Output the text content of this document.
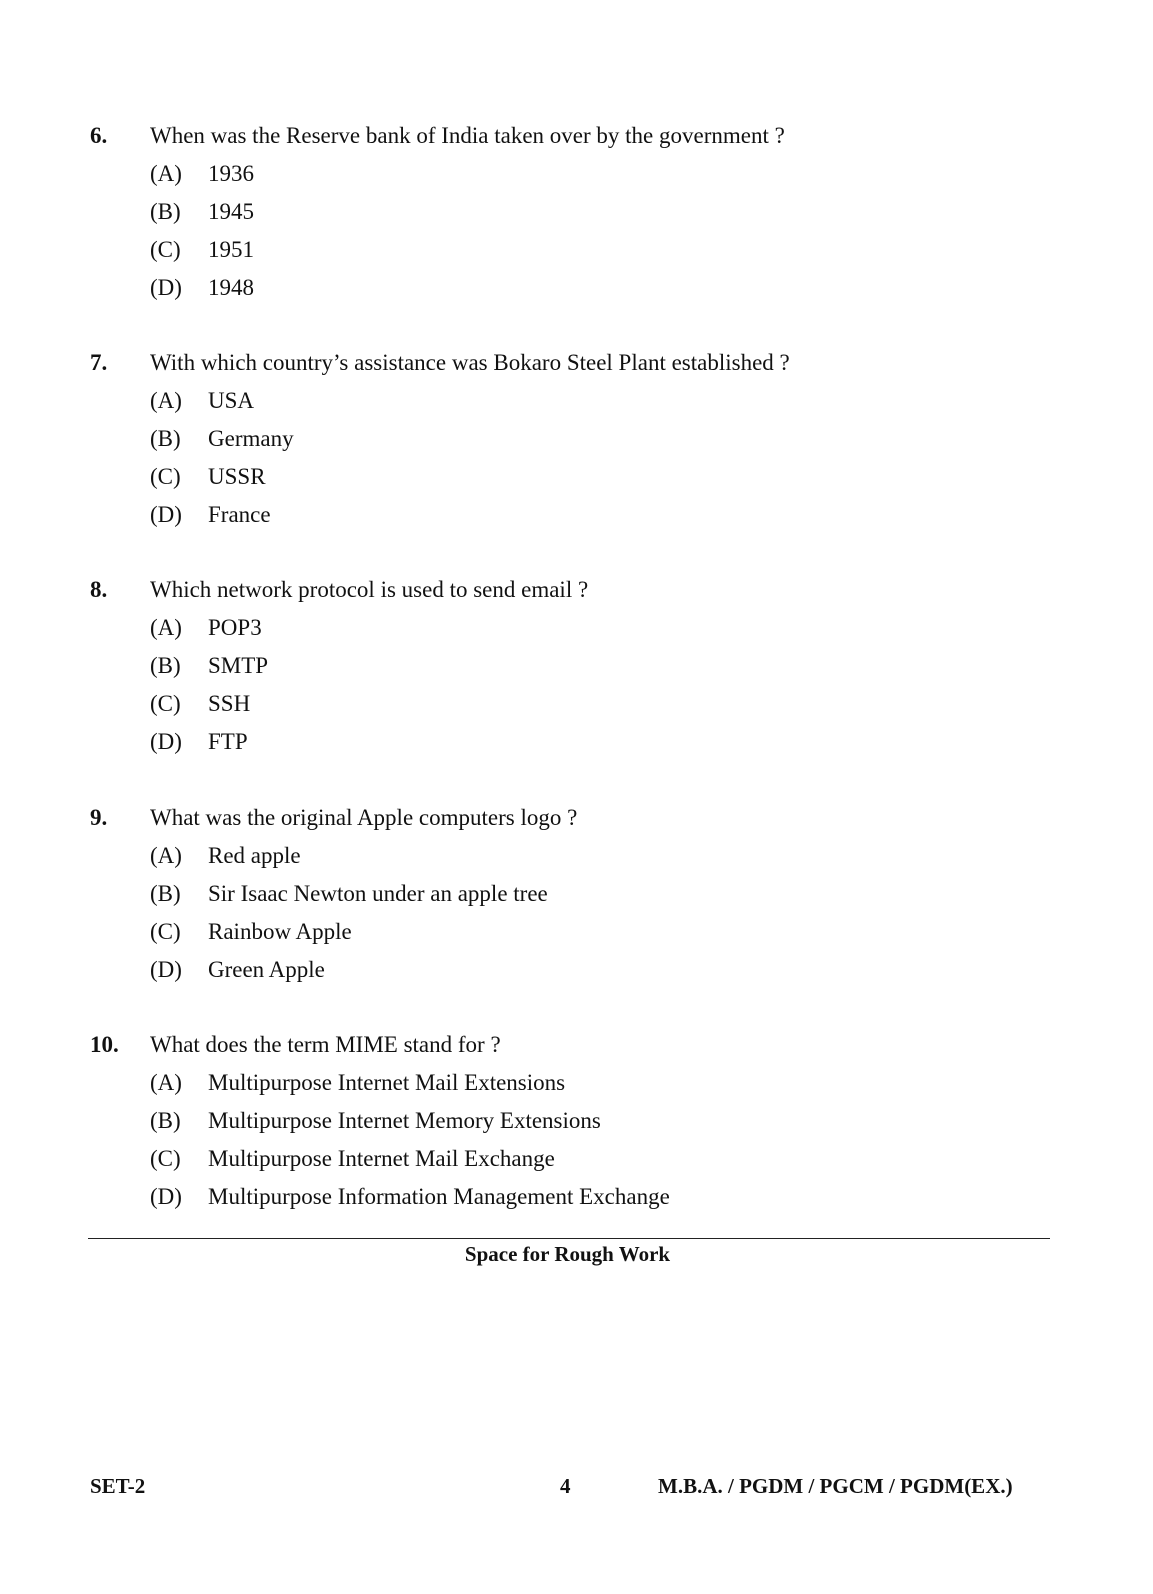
6. When was the Reserve bank of India taken over by the government ?
(A) 1936
(B) 1945
(C) 1951
(D) 1948
7. With which country’s assistance was Bokaro Steel Plant established ?
(A) USA
(B) Germany
(C) USSR
(D) France
8. Which network protocol is used to send email ?
(A) POP3
(B) SMTP
(C) SSH
(D) FTP
9. What was the original Apple computers logo ?
(A) Red apple
(B) Sir Isaac Newton under an apple tree
(C) Rainbow Apple
(D) Green Apple
10. What does the term MIME stand for ?
(A) Multipurpose Internet Mail Extensions
(B) Multipurpose Internet Memory Extensions
(C) Multipurpose Internet Mail Exchange
(D) Multipurpose Information Management Exchange
Space for Rough Work
SET-2	4	M.B.A. / PGDM / PGCM / PGDM(EX.)
